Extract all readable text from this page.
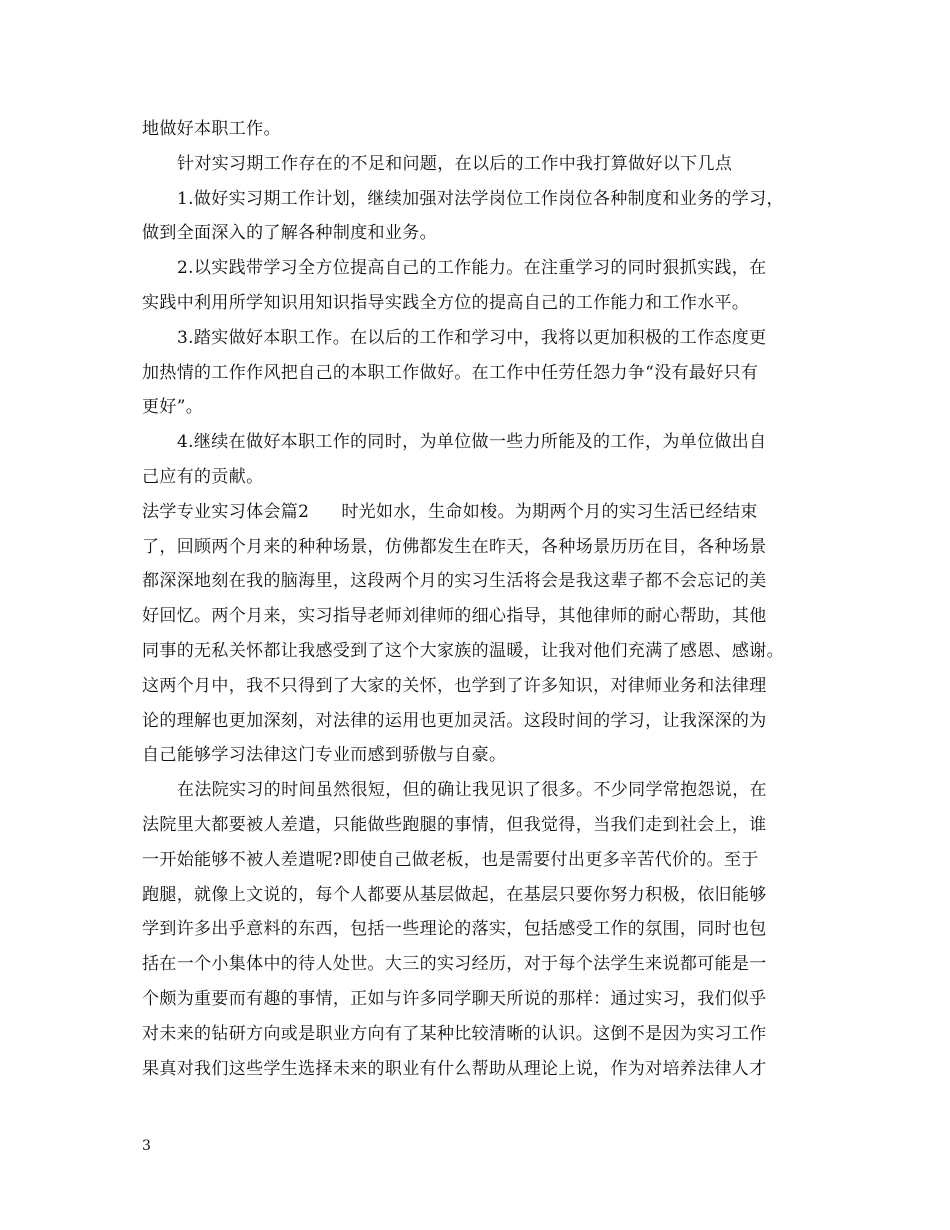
地做好本职工作。
针对实习期工作存在的不足和问题，在以后的工作中我打算做好以下几点
1.做好实习期工作计划，继续加强对法学岗位工作岗位各种制度和业务的学习，
做到全面深入的了解各种制度和业务。
2.以实践带学习全方位提高自己的工作能力。在注重学习的同时狠抓实践，在
实践中利用所学知识用知识指导实践全方位的提高自己的工作能力和工作水平。
3.踏实做好本职工作。在以后的工作和学习中，我将以更加积极的工作态度更
加热情的工作作风把自己的本职工作做好。在工作中任劳任怨力争“没有最好只有
更好”。
4.继续在做好本职工作的同时，为单位做一些力所能及的工作，为单位做出自
己应有的贡献。
法学专业实习体会篇2 时光如水，生命如梭。为期两个月的实习生活已经结束
了，回顾两个月来的种种场景，仿佛都发生在昨天，各种场景历历在目，各种场景
都深深地刻在我的脑海里，这段两个月的实习生活将会是我这辈子都不会忘记的美
好回忆。两个月来，实习指导老师刘律师的细心指导，其他律师的耐心帮助，其他
同事的无私关怀都让我感受到了这个大家族的温暖，让我对他们充满了感恩、感谢。
这两个月中，我不只得到了大家的关怀，也学到了许多知识，对律师业务和法律理
论的理解也更加深刻，对法律的运用也更加灵活。这段时间的学习，让我深深的为
自己能够学习法律这门专业而感到骄傲与自豪。
在法院实习的时间虽然很短，但的确让我见识了很多。不少同学常抱怨说，在
法院里大都要被人差遣，只能做些跑腿的事情，但我觉得，当我们走到社会上，谁
一开始能够不被人差遣呢?即使自己做老板，也是需要付出更多辛苦代价的。至于
跑腿，就像上文说的，每个人都要从基层做起，在基层只要你努力积极，依旧能够
学到许多出乎意料的东西，包括一些理论的落实，包括感受工作的氛围，同时也包
括在一个小集体中的待人处世。大三的实习经历，对于每个法学生来说都可能是一
个颇为重要而有趣的事情，正如与许多同学聊天所说的那样：通过实习，我们似乎
对未来的钻研方向或是职业方向有了某种比较清晰的认识。这倒不是因为实习工作
果真对我们这些学生选择未来的职业有什么帮助从理论上说，作为对培养法律人才
3
